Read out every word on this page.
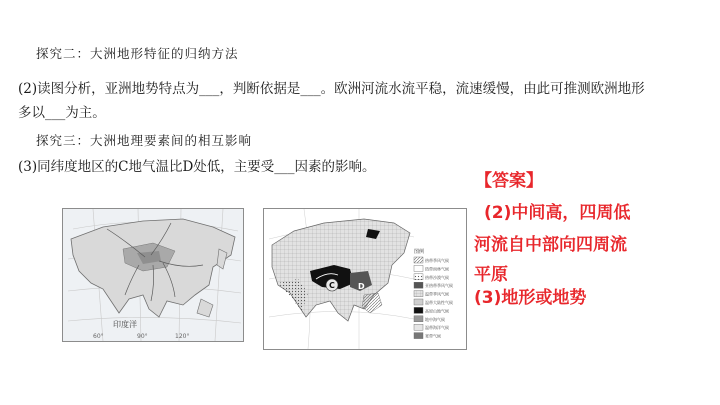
探究二：大洲地形特征的归纳方法
(2)读图分析，亚洲地势特点为___，判断依据是___。欧洲河流水流平稳，流速缓慢，由此可推测欧洲地形
多以___为主。
探究三：大洲地理要素间的相互影响
(3)同纬度地区的C地气温比D处低，主要受___因素的影响。
【答案】
(2)中间高，四周低
河流自中部向四周流
平原
(3)地形或地势
印度洋
60°	90°	120°
C	D
图例
热带季风气候
热带雨林气候
热带沙漠气候
亚热带季风气候
温带季风气候
温带大陆性气候
高原山地气候
地中海气候
温带海洋气候
寒带气候
